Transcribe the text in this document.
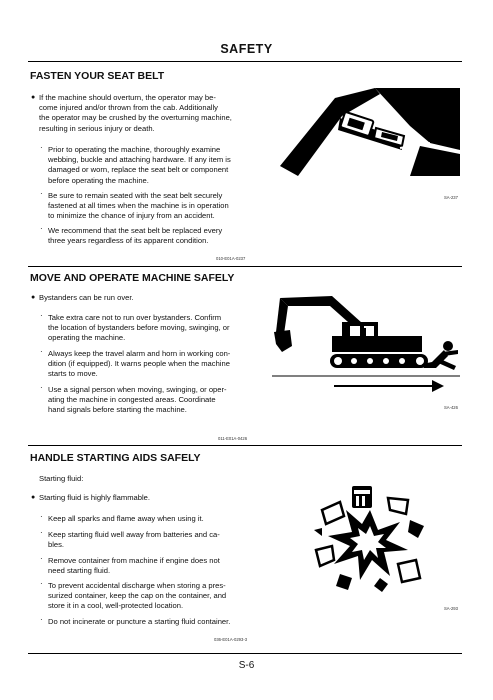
SAFETY
FASTEN YOUR SEAT BELT
● If the machine should overturn, the operator may be-
come injured and/or thrown from the cab. Additionally
the operator may be crushed by the overturning machine,
resulting in serious injury or death.
· Prior to operating the machine, thoroughly examine
webbing, buckle and attaching hardware. If any item is
damaged or worn, replace the seat belt or component
before operating the machine.
· Be sure to remain seated with the seat belt securely
fastened at all times when the machine is in operation
to minimize the chance of injury from an accident.
· We recommend that the seat belt be replaced every
three years regardless of its apparent condition.
010-E01A-0237
SA-237
MOVE AND OPERATE MACHINE SAFELY
● Bystanders can be run over.
· Take extra care not to run over bystanders. Confirm
the location of bystanders before moving, swinging, or
operating the machine.
· Always keep the travel alarm and horn in working con-
dition (if equipped). It warns people when the machine
starts to move.
· Use a signal person when moving, swinging, or oper-
ating the machine in congested areas. Coordinate
hand signals before starting the machine.
011-E01A-0426
SA-426
HANDLE STARTING AIDS SAFELY
Starting fluid:
● Starting fluid is highly flammable.
· Keep all sparks and flame away when using it.
· Keep starting fluid well away from batteries and ca-
bles.
· Remove container from machine if engine does not
need starting fluid.
· To prevent accidental discharge when storing a pres-
surized container, keep the cap on the container, and
store it in a cool, well-protected location.
· Do not incinerate or puncture a starting fluid container.
036-E01A-0293-3
SA-293
S-6
